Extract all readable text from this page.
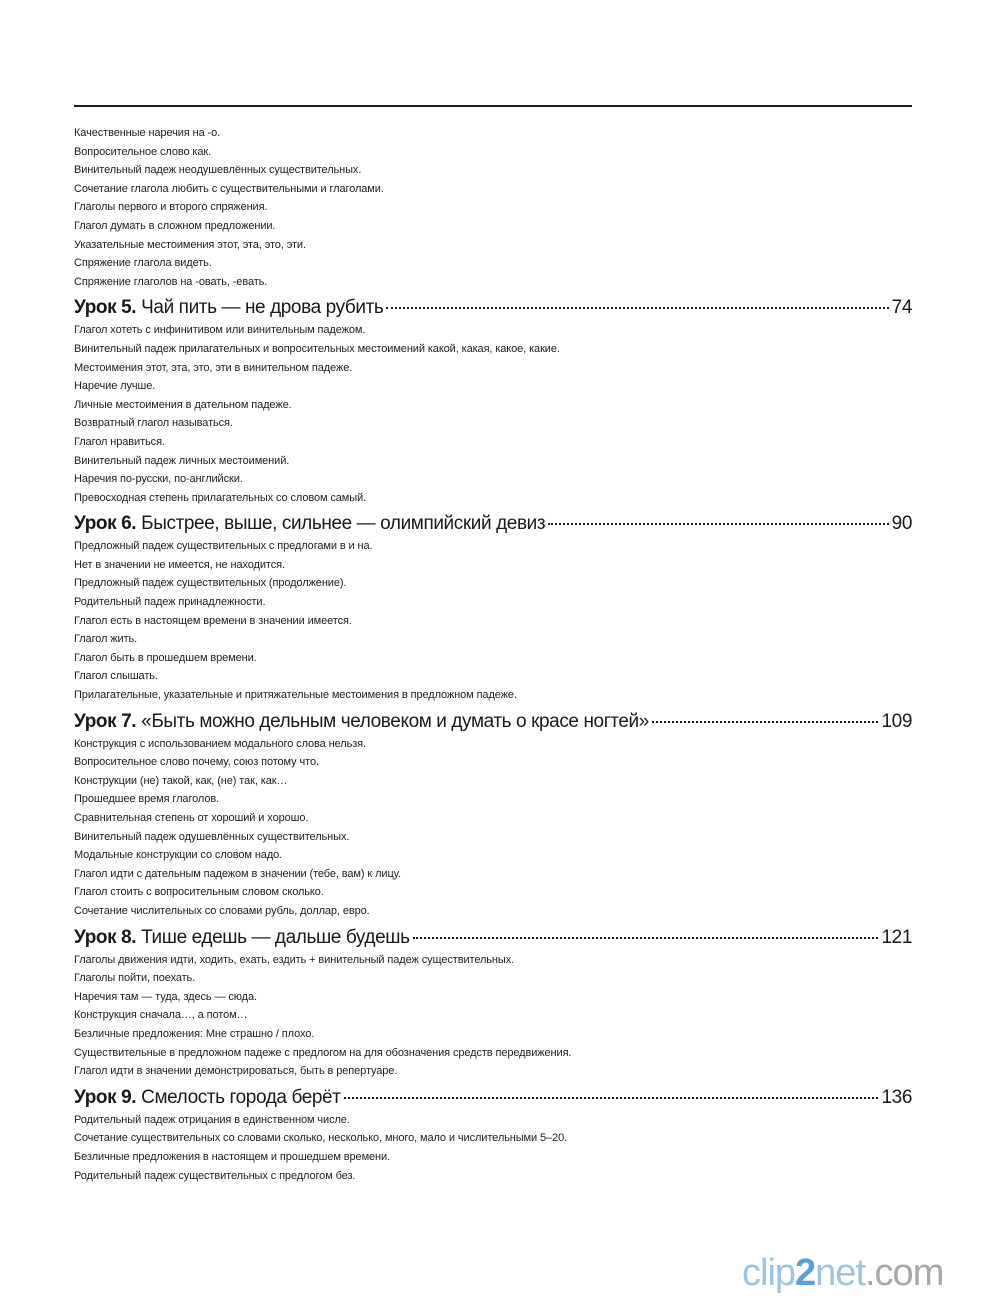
Качественные наречия на -о.
Вопросительное слово как.
Винительный падеж неодушевлённых существительных.
Сочетание глагола любить с существительными и глаголами.
Глаголы первого и второго спряжения.
Глагол думать в сложном предложении.
Указательные местоимения этот, эта, это, эти.
Спряжение глагола видеть.
Спряжение глаголов на -овать, -евать.
Урок 5. Чай пить — не дрова рубить	74
Глагол хотеть с инфинитивом или винительным падежом.
Винительный падеж прилагательных и вопросительных местоимений какой, какая, какое, какие.
Местоимения этот, эта, это, эти в винительном падеже.
Наречие лучше.
Личные местоимения в дательном падеже.
Возвратный глагол называться.
Глагол нравиться.
Винительный падеж личных местоимений.
Наречия по-русски, по-английски.
Превосходная степень прилагательных со словом самый.
Урок 6. Быстрее, выше, сильнее — олимпийский девиз	90
Предложный падеж существительных с предлогами в и на.
Нет в значении не имеется, не находится.
Предложный падеж существительных (продолжение).
Родительный падеж принадлежности.
Глагол есть в настоящем времени в значении имеется.
Глагол жить.
Глагол быть в прошедшем времени.
Глагол слышать.
Прилагательные, указательные и притяжательные местоимения в предложном падеже.
Урок 7. «Быть можно дельным человеком и думать о красе ногтей»	109
Конструкция с использованием модального слова нельзя.
Вопросительное слово почему, союз потому что.
Конструкции (не) такой, как, (не) так, как…
Прошедшее время глаголов.
Сравнительная степень от хороший и хорошо.
Винительный падеж одушевлённых существительных.
Модальные конструкции со словом надо.
Глагол идти с дательным падежом в значении (тебе, вам) к лицу.
Глагол стоить с вопросительным словом сколько.
Сочетание числительных со словами рубль, доллар, евро.
Урок 8. Тише едешь — дальше будешь	121
Глаголы движения идти, ходить, ехать, ездить + винительный падеж существительных.
Глаголы пойти, поехать.
Наречия там — туда, здесь — сюда.
Конструкция сначала…, а потом…
Безличные предложения: Мне страшно / плохо.
Существительные в предложном падеже с предлогом на для обозначения средств передвижения.
Глагол идти в значении демонстрироваться, быть в репертуаре.
Урок 9. Смелость города берёт	136
Родительный падеж отрицания в единственном числе.
Сочетание существительных со словами сколько, несколько, много, мало и числительными 5–20.
Безличные предложения в настоящем и прошедшем времени.
Родительный падеж существительных с предлогом без.
clip2net.com
